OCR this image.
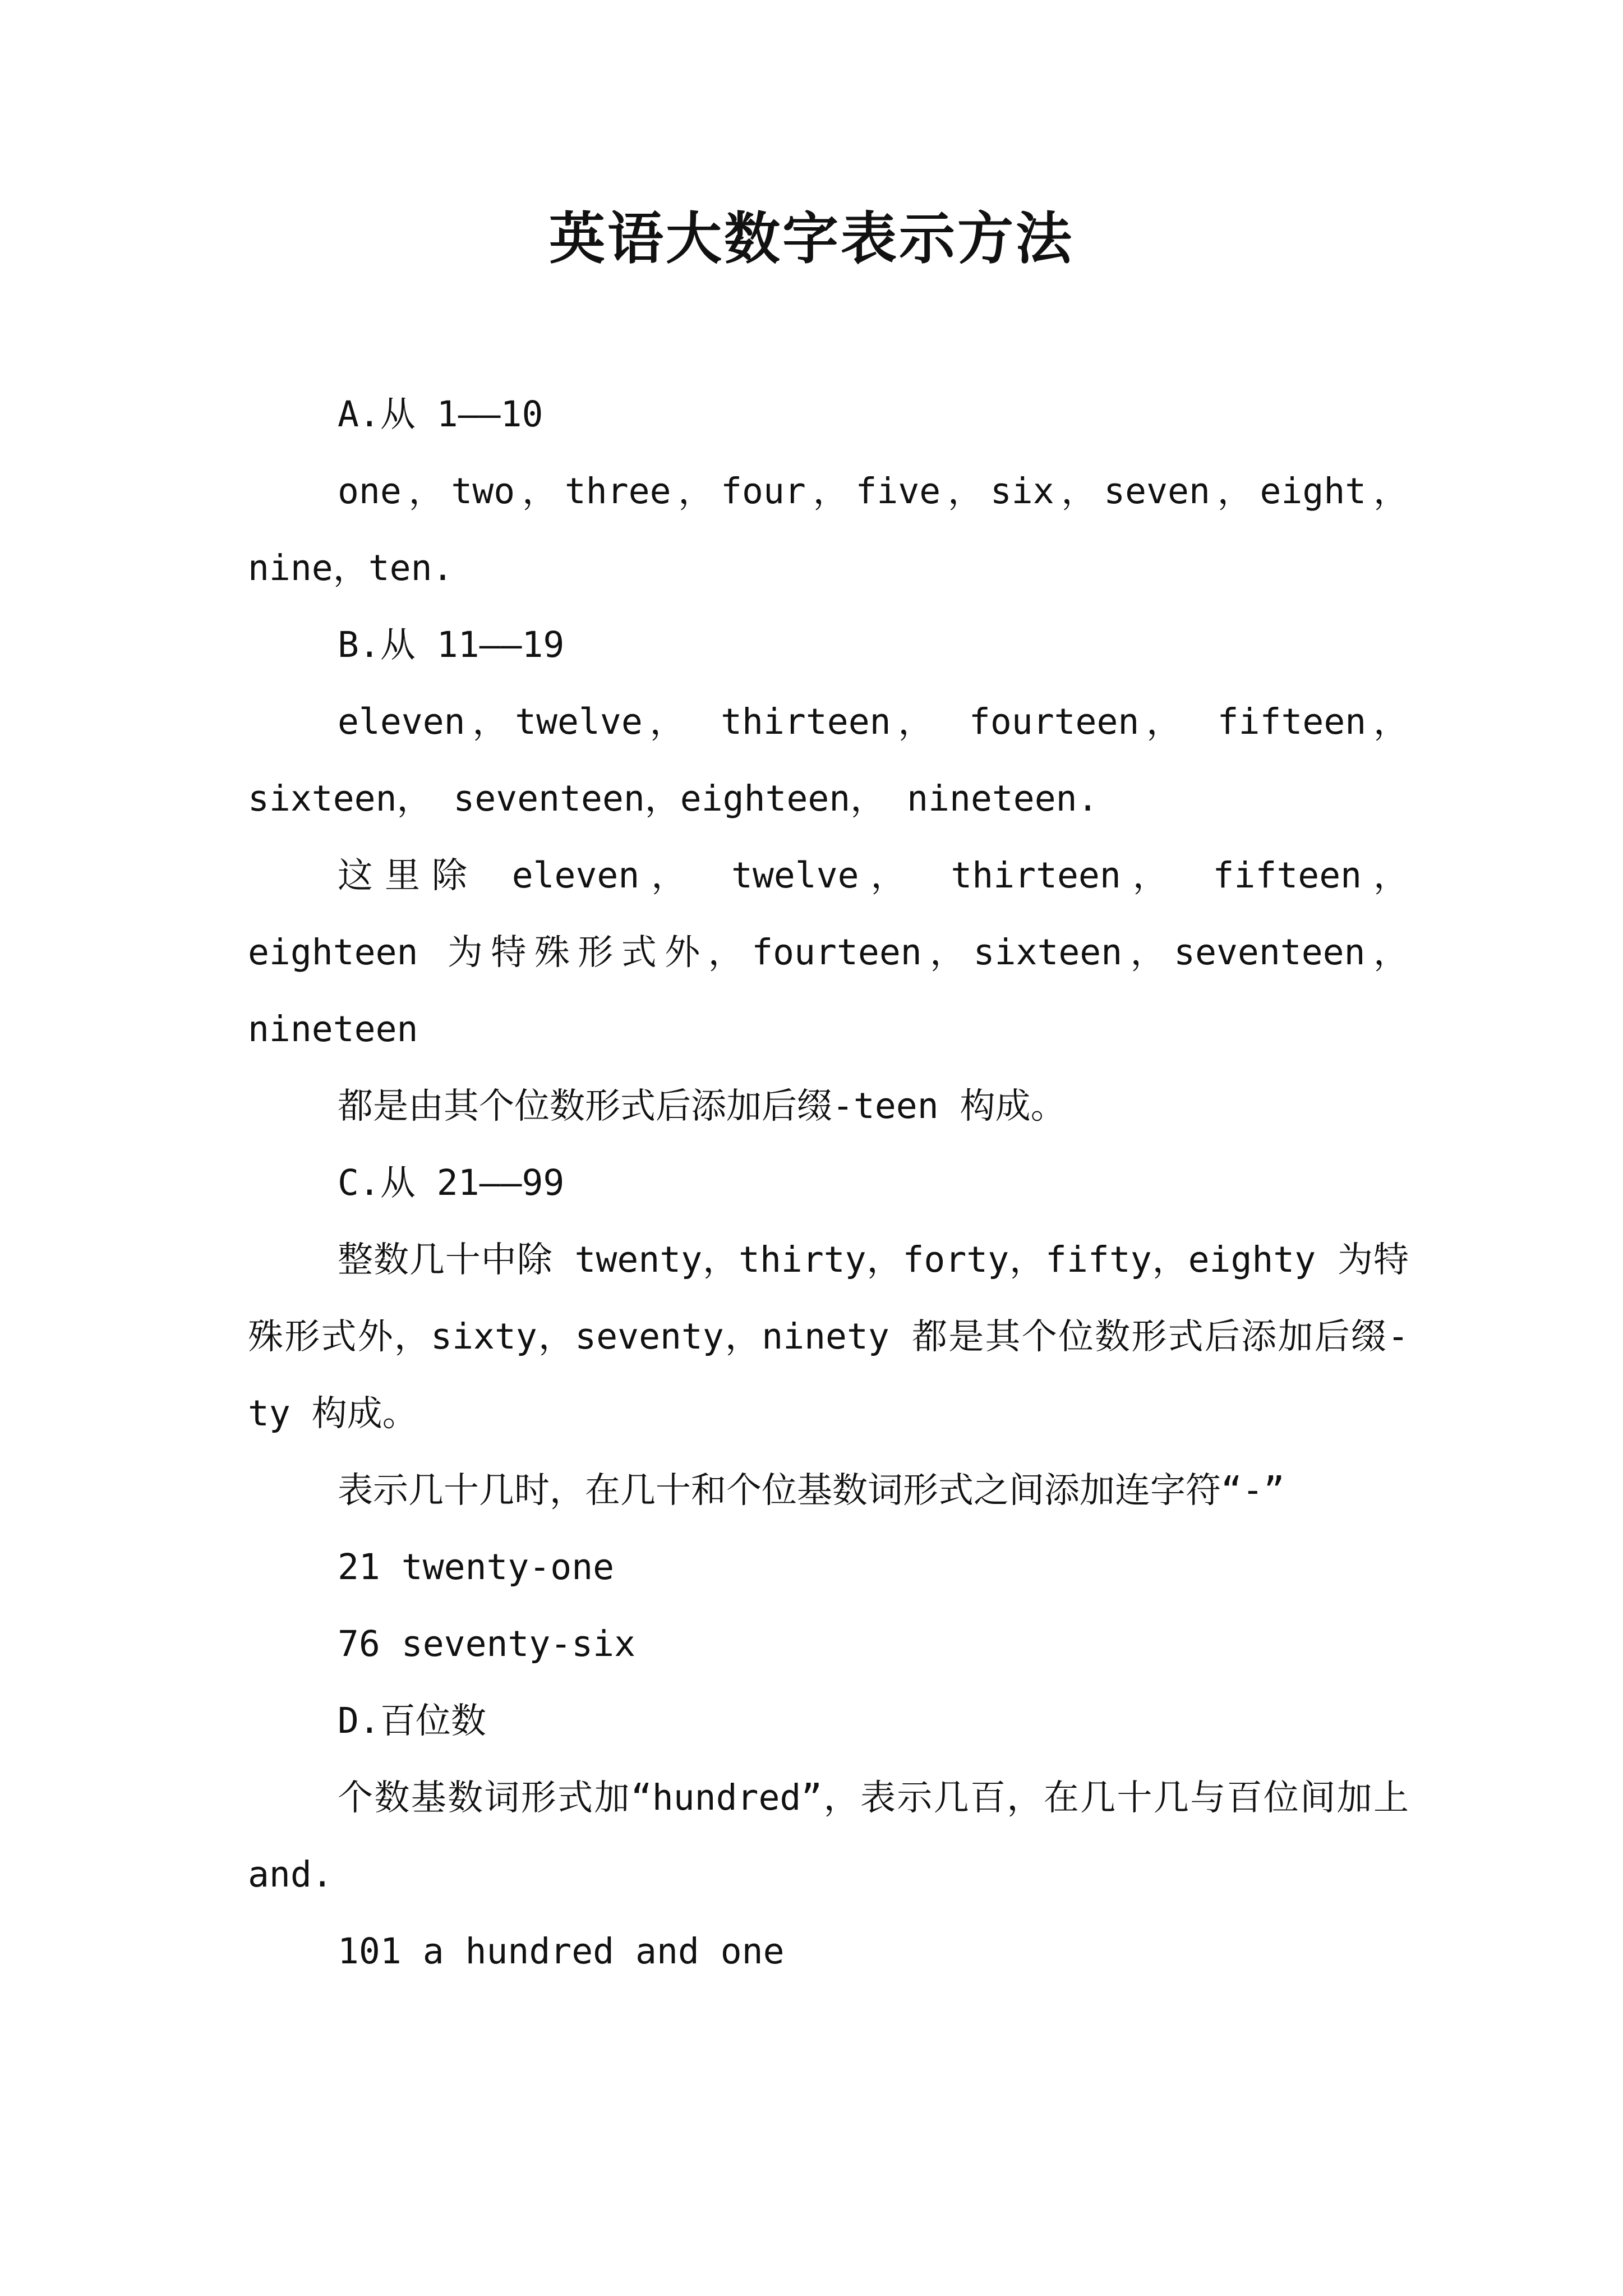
英语大数字表示方法

A.从 1——10

one，two，three，four，five，six，seven，eight，nine，ten.

B.从 11——19

eleven，twelve， thirteen， fourteen， fifteen，sixteen， seventeen，eighteen， nineteen.

这里除 eleven， twelve， thirteen， fifteen，eighteen 为特殊形式外，fourteen，sixteen，seventeen，nineteen

都是由其个位数形式后添加后缀-teen 构成。

C.从 21——99

整数几十中除 twenty，thirty，forty，fifty，eighty 为特殊形式外，sixty，seventy，ninety 都是其个位数形式后添加后缀-ty 构成。

表示几十几时，在几十和个位基数词形式之间添加连字符“-”

21 twenty-one

76 seventy-six

D.百位数

个数基数词形式加“hundred”，表示几百，在几十几与百位间加上 and.

101 a hundred and one
